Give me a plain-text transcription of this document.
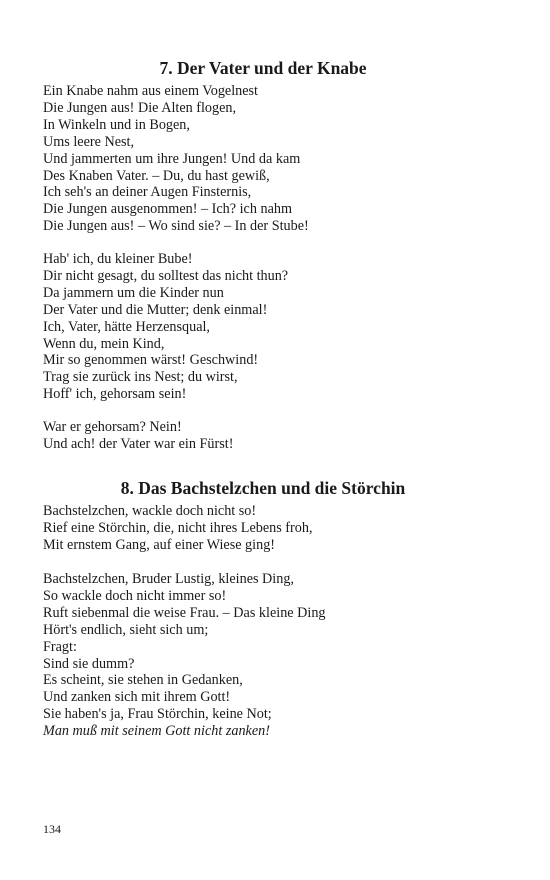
7. Der Vater und der Knabe
Ein Knabe nahm aus einem Vogelnest
Die Jungen aus! Die Alten flogen,
In Winkeln und in Bogen,
Ums leere Nest,
Und jammerten um ihre Jungen! Und da kam
Des Knaben Vater. – Du, du hast gewiß,
Ich seh's an deiner Augen Finsternis,
Die Jungen ausgenommen! – Ich? ich nahm
Die Jungen aus! – Wo sind sie? – In der Stube!
Hab' ich, du kleiner Bube!
Dir nicht gesagt, du solltest das nicht thun?
Da jammern um die Kinder nun
Der Vater und die Mutter; denk einmal!
Ich, Vater, hätte Herzensqual,
Wenn du, mein Kind,
Mir so genommen wärst! Geschwind!
Trag sie zurück ins Nest; du wirst,
Hoff' ich, gehorsam sein!
War er gehorsam? Nein!
Und ach! der Vater war ein Fürst!
8. Das Bachstelzchen und die Störchin
Bachstelzchen, wackle doch nicht so!
Rief eine Störchin, die, nicht ihres Lebens froh,
Mit ernstem Gang, auf einer Wiese ging!
Bachstelzchen, Bruder Lustig, kleines Ding,
So wackle doch nicht immer so!
Ruft siebenmal die weise Frau. – Das kleine Ding
Hört's endlich, sieht sich um;
Fragt:
Sind sie dumm?
Es scheint, sie stehen in Gedanken,
Und zanken sich mit ihrem Gott!
Sie haben's ja, Frau Störchin, keine Not;
Man muß mit seinem Gott nicht zanken!
134
